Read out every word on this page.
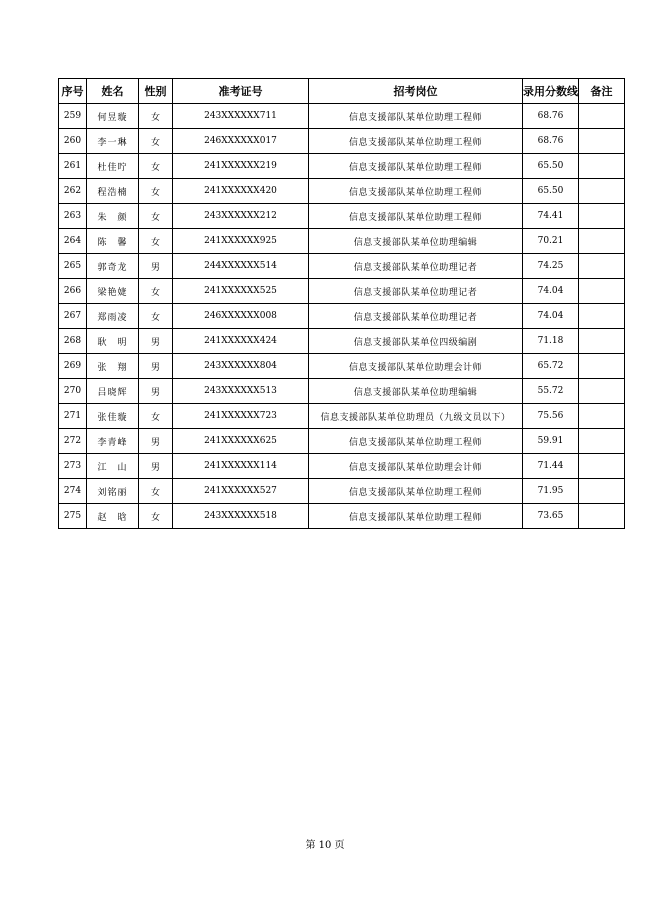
序号	姓名	性别	准考证号	招考岗位	录用分数线	备注
259	何昱璇	女	243XXXXXX711	信息支援部队某单位助理工程师	68.76	
260	李一琳	女	246XXXXXX017	信息支援部队某单位助理工程师	68.76	
261	杜佳咛	女	241XXXXXX219	信息支援部队某单位助理工程师	65.50	
262	程浩楠	女	241XXXXXX420	信息支援部队某单位助理工程师	65.50	
263	朱　颜	女	243XXXXXX212	信息支援部队某单位助理工程师	74.41	
264	陈　馨	女	241XXXXXX925	信息支援部队某单位助理编辑	70.21	
265	郭奇龙	男	244XXXXXX514	信息支援部队某单位助理记者	74.25	
266	梁艳婕	女	241XXXXXX525	信息支援部队某单位助理记者	74.04	
267	郑雨凌	女	246XXXXXX008	信息支援部队某单位助理记者	74.04	
268	耿　明	男	241XXXXXX424	信息支援部队某单位四级编剧	71.18	
269	张　翔	男	243XXXXXX804	信息支援部队某单位助理会计师	65.72	
270	吕晓辉	男	243XXXXXX513	信息支援部队某单位助理编辑	55.72	
271	张佳璇	女	241XXXXXX723	信息支援部队某单位助理员（九级文员以下）	75.56	
272	李青峰	男	241XXXXXX625	信息支援部队某单位助理工程师	59.91	
273	江　山	男	241XXXXXX114	信息支援部队某单位助理会计师	71.44	
274	刘铭丽	女	241XXXXXX527	信息支援部队某单位助理工程师	71.95	
275	赵　晗	女	243XXXXXX518	信息支援部队某单位助理工程师	73.65	
第 10 页
